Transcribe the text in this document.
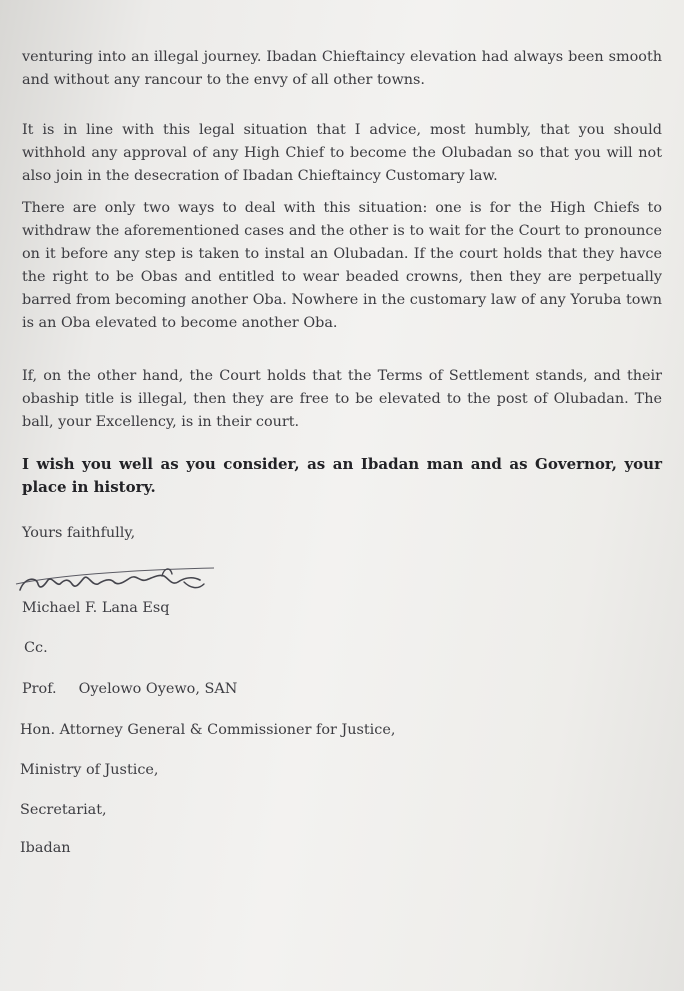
venturing into an illegal journey. Ibadan Chieftaincy elevation had always been smooth and without any rancour to the envy of all other towns.
It is in line with this legal situation that I advice, most humbly, that you should withhold any approval of any High Chief to become the Olubadan so that you will not also join in the desecration of Ibadan Chieftaincy Customary law.
There are only two ways to deal with this situation: one is for the High Chiefs to withdraw the aforementioned cases and the other is to wait for the Court to pronounce on it before any step is taken to instal an Olubadan. If the court holds that they havce the right to be Obas and entitled to wear beaded crowns, then they are perpetually barred from becoming another Oba. Nowhere in the customary law of any Yoruba town is an Oba elevated to become another Oba.
If, on the other hand, the Court holds that the Terms of Settlement stands, and their obaship title is illegal, then they are free to be elevated to the post of Olubadan. The ball, your Excellency, is in their court.
I wish you well as you consider, as an Ibadan man and as Governor, your place in history.
Yours faithfully,
Michael F. Lana Esq
Cc.
Prof. Oyelowo Oyewo, SAN
Hon. Attorney General & Commissioner for Justice,
Ministry of Justice,
Secretariat,
Ibadan
